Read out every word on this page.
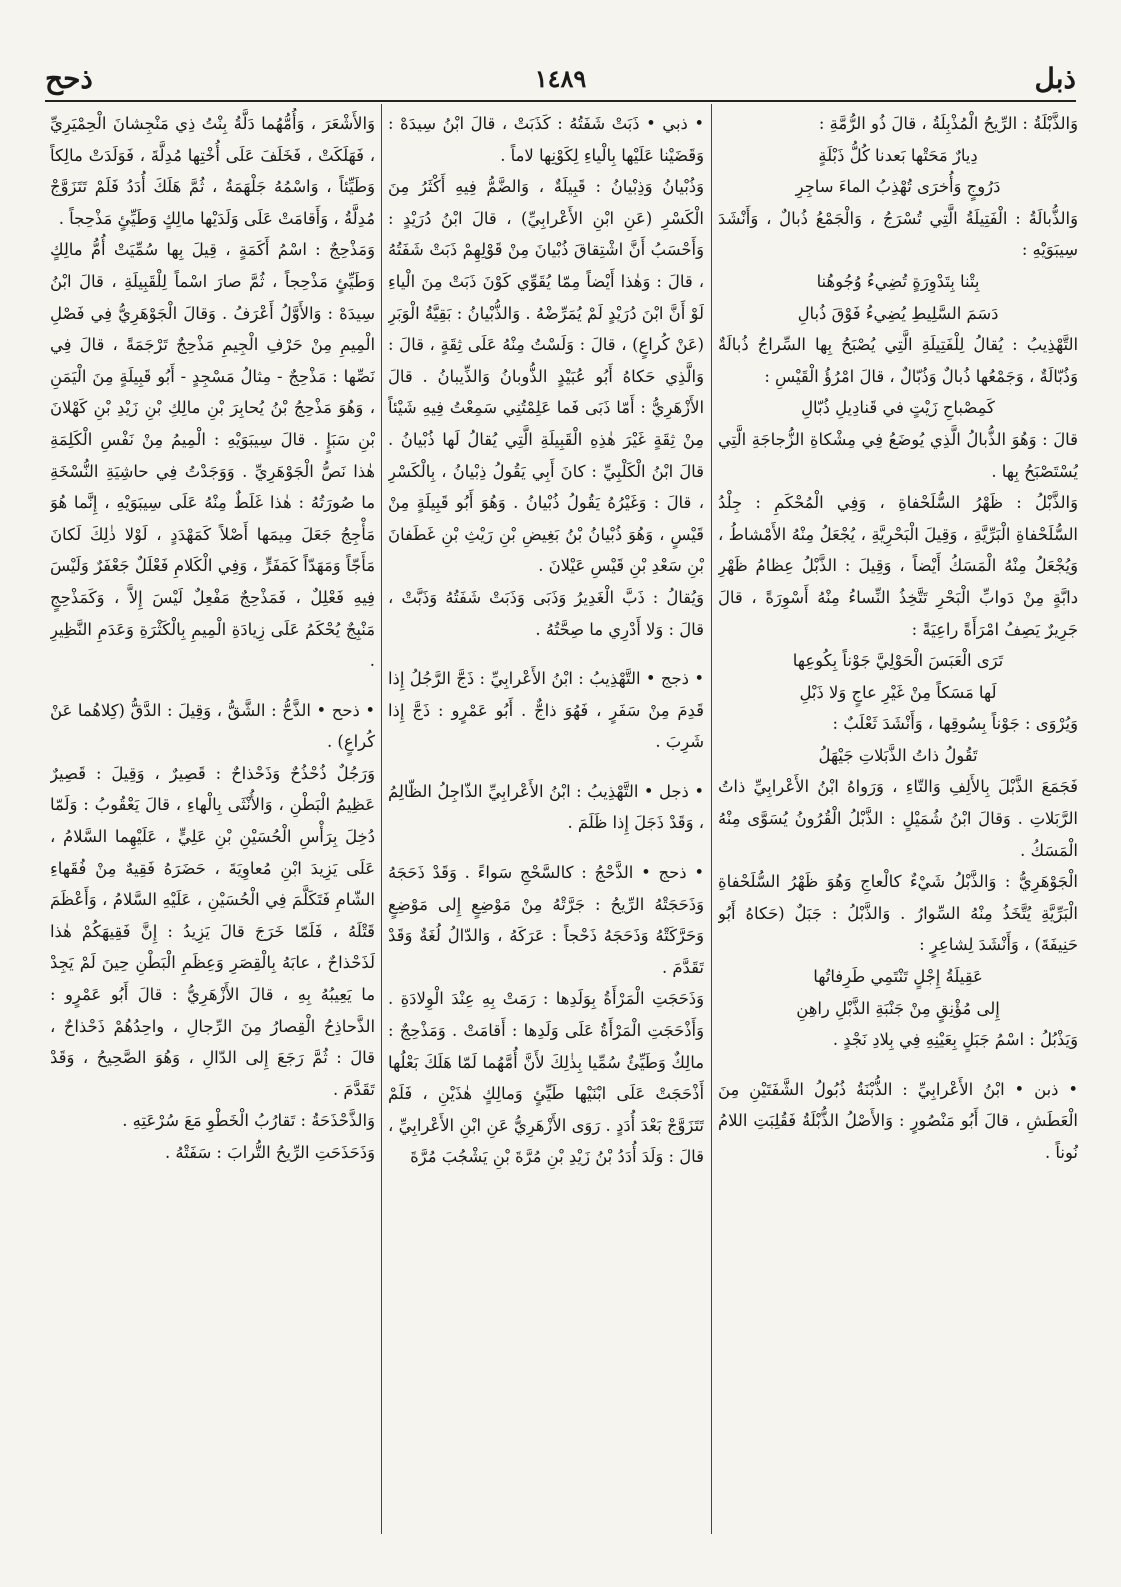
ذبل
١٤٨٩
ذحح

وَالذَّبْلَةُ : الرِّيحُ الْمُذْبِلَةُ ، قالَ ذُو الرُّمَّةِ :

دِيارٌ مَحَتْها بَعدنا كُلُّ ذَبْلَةٍ

دَرُوجٍ وَأُخرَى تُهْذِبُ الماءَ ساجِرِ

وَالذُّبالَةُ : الْفَتِيلَةُ الَّتِي تُسْرَجُ ، وَالْجَمْعُ ذُبالٌ ، وَأَنْشَدَ سِيبَوَيْهِ :

بِتْنا بِتَدْوِرَةٍ تُضِيءُ وُجُوهُنا

دَسَمَ السَّلِيطِ يُضِيءُ فَوْقَ ذُبالِ

التَّهْذِيبُ : يُقالُ لِلْفَتِيلَةِ الَّتِي يُصْبَحُ بِها السِّراجُ ذُبالَةٌ وَذُبّالَةٌ ، وَجَمْعُها ذُبالٌ وَذُبّالٌ ، قالَ امْرُؤُ الْقَيْسِ :

كَمِصْباحِ زَيْتٍ في قَنادِيلِ ذُبّالِ

قالَ : وَهُوَ الذُّبالُ الَّذِي يُوضَعُ فِي مِشْكاةِ الزُّجاجَةِ الَّتِي يُسْتَصْبَحُ بِها .

وَالذَّبْلُ : ظَهْرُ السُّلَحْفاةِ ، وَفِي الْمُحْكَمِ : جِلْدُ السُّلَحْفاةِ الْبَرِّيَّةِ ، وَقِيلَ الْبَحْرِيَّةِ ، يُجْعَلُ مِنْهُ الأَمْشاطُ ، وَيُجْعَلُ مِنْهُ الْمَسَكُ أَيْضاً ، وَقِيلَ : الذَّبْلُ عِظامُ ظَهْرِ دابَّةٍ مِنْ دَوابِّ الْبَحْرِ تَتَّخِذُ النِّساءُ مِنْهُ أَسْوِرَةً ، قالَ جَرِيرٌ يَصِفُ امْرَأَةً راعِيَةً :

تَرَى الْعَبَسَ الْحَوْلِيَّ جَوْناً بِكُوعِها

لَها مَسَكاً مِنْ غَيْرِ عاجٍ وَلا ذَبْلِ

وَيُرْوَى : جَوْناً بِسُوقِها ، وَأَنْشَدَ ثَعْلَبٌ :

تَقُولُ ذاتُ الذَّبَلاتِ جَيْهَلُ

فَجَمَعَ الذَّبْلَ بِالأَلِفِ وَالتّاءِ ، وَرَواهُ ابْنُ الأَعْرابِيِّ ذاتُ الرَّبَلاتِ . وَقالَ ابْنُ شُمَيْلٍ : الذَّبْلُ الْقُرُونُ يُسَوَّى مِنْهُ الْمَسَكُ .

الْجَوْهَرِيُّ : وَالذَّبْلُ شَيْءٌ كالْعاجِ وَهُوَ ظَهْرُ السُّلَحْفاةِ الْبَرِّيَّةِ يُتَّخَذُ مِنْهُ السِّوارُ . وَالذَّبْلُ : جَبَلٌ (حَكاهُ أَبُو حَنِيفَةَ) ، وَأَنْشَدَ لِشاعِرٍ :

عَقِيلَةُ إِجْلٍ تَنْتَمِي طَرِفاتُها

إِلى مُؤْنِقٍ مِنْ جَنْبَةِ الذَّبْلِ راهِنِ

وَيَذْبُلُ : اسْمُ جَبَلٍ بِعَيْنِهِ فِي بِلادِ نَجْدٍ .

• ذبن • ابْنُ الأَعْرابِيِّ : الذُّبْنَةُ ذُبُولُ الشَّفَتَيْنِ مِنَ الْعَطَشِ ، قالَ أَبُو مَنْصُورٍ : وَالأَصْلُ الذُّبْلَةُ فَقُلِبَتِ اللامُ نُوناً .

• ذبي • ذَبَتْ شَفَتُهُ : كَذَبَتْ ، قالَ ابْنُ سِيدَهْ : وَقَضَيْنا عَلَيْها بِالْياءِ لِكَوْنِها لاماً .

وَذُبْيانُ وَذِبْيانُ : قَبِيلَةٌ ، وَالضَّمُّ فِيهِ أَكْثَرُ مِنَ الْكَسْرِ (عَنِ ابْنِ الأَعْرابِيِّ) ، قالَ ابْنُ دُرَيْدٍ : وَأَحْسَبُ أَنَّ اشْتِقاقَ ذُبْيانَ مِنْ قَوْلِهِمْ ذَبَتْ شَفَتُهُ ، قالَ : وَهٰذا أَيْضاً مِمّا يُقَوِّي كَوْنَ ذَبَتْ مِنَ الْياءِ لَوْ أَنَّ ابْنَ دُرَيْدٍ لَمْ يُمَرِّضْهُ . وَالذُّبْيانُ : بَقِيَّةُ الْوَبَرِ (عَنْ كُراعٍ) ، قالَ : وَلَسْتُ مِنْهُ عَلَى ثِقَةٍ ، قالَ : وَالَّذِي حَكاهُ أَبُو عُبَيْدٍ الذُّوبانُ وَالذِّيبانُ . قالَ الأَزْهَرِيُّ : أَمّا ذَبَى فَما عَلِمْتُنِي سَمِعْتُ فِيهِ شَيْئاً مِنْ ثِقَةٍ غَيْرَ هٰذِهِ الْقَبِيلَةِ الَّتِي يُقالُ لَها ذُبْيانُ . قالَ ابْنُ الْكَلْبِيِّ : كانَ أَبِي يَقُولُ ذِبْيانُ ، بِالْكَسْرِ ، قالَ : وَغَيْرُهُ يَقُولُ ذُبْيانُ . وَهُوَ أَبُو قَبِيلَةٍ مِنْ قَيْسٍ ، وَهُوَ ذُبْيانُ بْنُ بَغِيضِ بْنِ رَيْثِ بْنِ غَطَفانَ بْنِ سَعْدِ بْنِ قَيْسِ عَيْلانَ .

وَيُقالُ : ذَبَّ الْغَدِيرُ وَذَبَى وَذَبَتْ شَفَتُهُ وَذَبَّتْ ، قالَ : وَلا أَدْرِي ما صِحَّتُهُ .

• ذجج • التَّهْذِيبُ : ابْنُ الأَعْرابِيِّ : ذَجَّ الرَّجُلُ إِذا قَدِمَ مِنْ سَفَرٍ ، فَهُوَ ذاجٌّ . أَبُو عَمْرٍو : ذَجَّ إِذا شَرِبَ .

• ذجل • التَّهْذِيبُ : ابْنُ الأَعْرابِيِّ الذّاجِلُ الظّالِمُ ، وَقَدْ ذَجَلَ إِذا ظَلَمَ .

• ذحج • الذَّحْجُ : كالسَّحْجِ سَواءً . وَقَدْ ذَحَجَهُ وَذَحَجَتْهُ الرِّيحُ : جَرَّتْهُ مِنْ مَوْضِعٍ إِلى مَوْضِعٍ وَحَرَّكَتْهُ وَذَحَجَهُ ذَحْجاً : عَرَكَهُ ، وَالدّالُ لُغَةٌ وَقَدْ تَقَدَّمَ .

وَذَحَجَتِ الْمَرْأَةُ بِوَلَدِها : رَمَتْ بِهِ عِنْدَ الْوِلادَةِ . وَأَذْحَجَتِ الْمَرْأَةُ عَلَى وَلَدِها : أَقامَتْ . وَمَذْحِجٌ : مالِكٌ وَطَيِّئٌ سُمِّيا بِذٰلِكَ لأَنَّ أُمَّهُما لَمّا هَلَكَ بَعْلُها أَذْحَجَتْ عَلَى ابْنَيْها طَيِّئٍ وَمالِكٍ هٰذَيْنِ ، فَلَمْ تَتَزَوَّجْ بَعْدَ أُدَدٍ . رَوَى الأَزْهَرِيُّ عَنِ ابْنِ الأَعْرابِيِّ ، قالَ : وَلَدَ أُدَدُ بْنُ زَيْدِ بْنِ مُرَّةَ بْنِ يَشْجُبَ مُرَّةَ

وَالأَشْعَرَ ، وَأُمُّهُما دَلَّةُ بِنْتُ ذِي مَنْجِشانَ الْحِمْيَرِيِّ ، فَهَلَكَتْ ، فَخَلَفَ عَلَى أُخْتِها مُدِلَّةَ ، فَوَلَدَتْ مالِكاً وَطَيِّئاً ، وَاسْمُهُ جَلْهَمَةُ ، ثُمَّ هَلَكَ أُدَدُ فَلَمْ تَتَزَوَّجْ مُدِلَّةُ ، وَأَقامَتْ عَلَى وَلَدَيْها مالِكٍ وَطَيِّئٍ مَذْحِجاً .

وَمَذْحِجٌ : اسْمُ أَكَمَةٍ ، قِيلَ بِها سُمِّيَتْ أُمُّ مالِكٍ وَطَيِّئٍ مَذْحِجاً ، ثُمَّ صارَ اسْماً لِلْقَبِيلَةِ ، قالَ ابْنُ سِيدَهْ : وَالأَوَّلُ أَعْرَفُ . وَقالَ الْجَوْهَرِيُّ فِي فَصْلِ الْمِيمِ مِنْ حَرْفِ الْجِيمِ مَذْحِجٌ تَرْجَمَةً ، قالَ فِي نَصِّها : مَذْحِجٌ - مِثالُ مَسْجِدٍ - أَبُو قَبِيلَةٍ مِنَ الْيَمَنِ ، وَهُوَ مَذْحِجُ بْنُ يُحابِرَ بْنِ مالِكِ بْنِ زَيْدِ بْنِ كَهْلانَ بْنِ سَبَإٍ . قالَ سِيبَوَيْهِ : الْمِيمُ مِنْ نَفْسِ الْكَلِمَةِ هٰذا نَصُّ الْجَوْهَرِيِّ . وَوَجَدْتُ فِي حاشِيَةِ النُّسْخَةِ ما صُورَتُهُ : هٰذا غَلَطٌ مِنْهُ عَلَى سِيبَوَيْهِ ، إِنَّما هُوَ مَأْجِجُ جَعَلَ مِيمَها أَصْلاً كَمَهْدَدٍ ، لَوْلا ذٰلِكَ لَكانَ مَأَجّاً وَمَهَدّاً كَمَفَرٍّ ، وَفِي الْكَلامِ فَعْلَلٌ جَعْفَرٌ وَلَيْسَ فِيهِ فَعْلِلٌ ، فَمَذْحِجٌ مَفْعِلٌ لَيْسَ إِلاَّ ، وَكَمَذْحِجٍ مَنْبِجٌ يُحْكَمُ عَلَى زِيادَةِ الْمِيمِ بِالْكَثْرَةِ وَعَدَمِ النَّظِيرِ .

• ذحح • الذَّحُّ : الشَّقُّ ، وَقِيلَ : الدَّقُّ (كِلاهُما عَنْ كُراعٍ) .

وَرَجُلٌ ذُحْذُحٌ وَذَحْذاحٌ : قَصِيرٌ ، وَقِيلَ : قَصِيرٌ عَظِيمُ الْبَطْنِ ، وَالأُنْثَى بِالْهاءِ ، قالَ يَعْقُوبُ : وَلَمّا دُخِلَ بِرَأْسِ الْحُسَيْنِ بْنِ عَلِيٍّ ، عَلَيْهِما السَّلامُ ، عَلَى يَزِيدَ ابْنِ مُعاوِيَةَ ، حَضَرَهُ فَقِيهٌ مِنْ فُقَهاءِ الشّامِ فَتَكَلَّمَ فِي الْحُسَيْنِ ، عَلَيْهِ السَّلامُ ، وَأَعْظَمَ قَتْلَهُ ، فَلَمّا خَرَجَ قالَ يَزِيدُ : إِنَّ فَقِيهَكُمْ هٰذا لَذَحْذاحٌ ، عابَهُ بِالْقِصَرِ وَعِظَمِ الْبَطْنِ حِينَ لَمْ يَجِدْ ما يَعِيبُهُ بِهِ ، قالَ الأَزْهَرِيُّ : قالَ أَبُو عَمْرٍو : الذَّحاذِحُ الْقِصارُ مِنَ الرِّجالِ ، واحِدُهُمْ ذَحْذاحٌ ، قالَ : ثُمَّ رَجَعَ إِلى الدّالِ ، وَهُوَ الصَّحِيحُ ، وَقَدْ تَقَدَّمَ .

وَالذَّحْذَحَةُ : تَقارُبُ الْخَطْوِ مَعَ سُرْعَتِهِ .

وَذَحَذَحَتِ الرِّيحُ التُّرابَ : سَفَتْهُ .
